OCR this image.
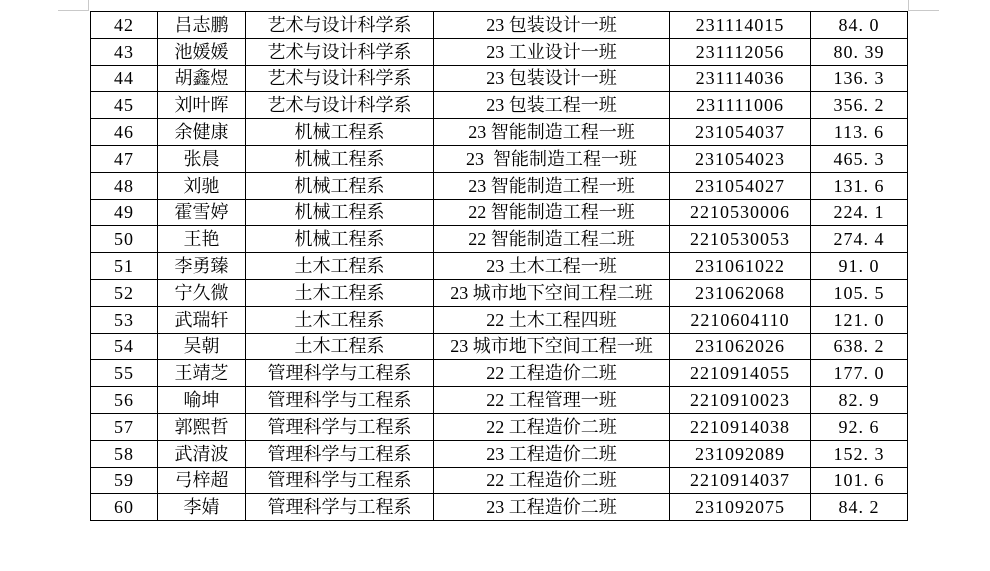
42	吕志鹏	艺术与设计科学系	23 包装设计一班	231114015	84. 0
43	池媛媛	艺术与设计科学系	23 工业设计一班	231112056	80. 39
44	胡鑫煜	艺术与设计科学系	23 包装设计一班	231114036	136. 3
45	刘叶晖	艺术与设计科学系	23 包装工程一班	231111006	356. 2
46	余健康	机械工程系	23 智能制造工程一班	231054037	113. 6
47	张晨	机械工程系	23  智能制造工程一班	231054023	465. 3
48	刘驰	机械工程系	23 智能制造工程一班	231054027	131. 6
49	霍雪婷	机械工程系	22 智能制造工程一班	2210530006	224. 1
50	王艳	机械工程系	22 智能制造工程二班	2210530053	274. 4
51	李勇臻	土木工程系	23 土木工程一班	231061022	91. 0
52	宁久微	土木工程系	23 城市地下空间工程二班	231062068	105. 5
53	武瑞轩	土木工程系	22 土木工程四班	2210604110	121. 0
54	吴朝	土木工程系	23 城市地下空间工程一班	231062026	638. 2
55	王靖芝	管理科学与工程系	22 工程造价二班	2210914055	177. 0
56	喻坤	管理科学与工程系	22 工程管理一班	2210910023	82. 9
57	郭熙哲	管理科学与工程系	22 工程造价二班	2210914038	92. 6
58	武清波	管理科学与工程系	23 工程造价二班	231092089	152. 3
59	弓梓超	管理科学与工程系	22 工程造价二班	2210914037	101. 6
60	李婧	管理科学与工程系	23 工程造价二班	231092075	84. 2
